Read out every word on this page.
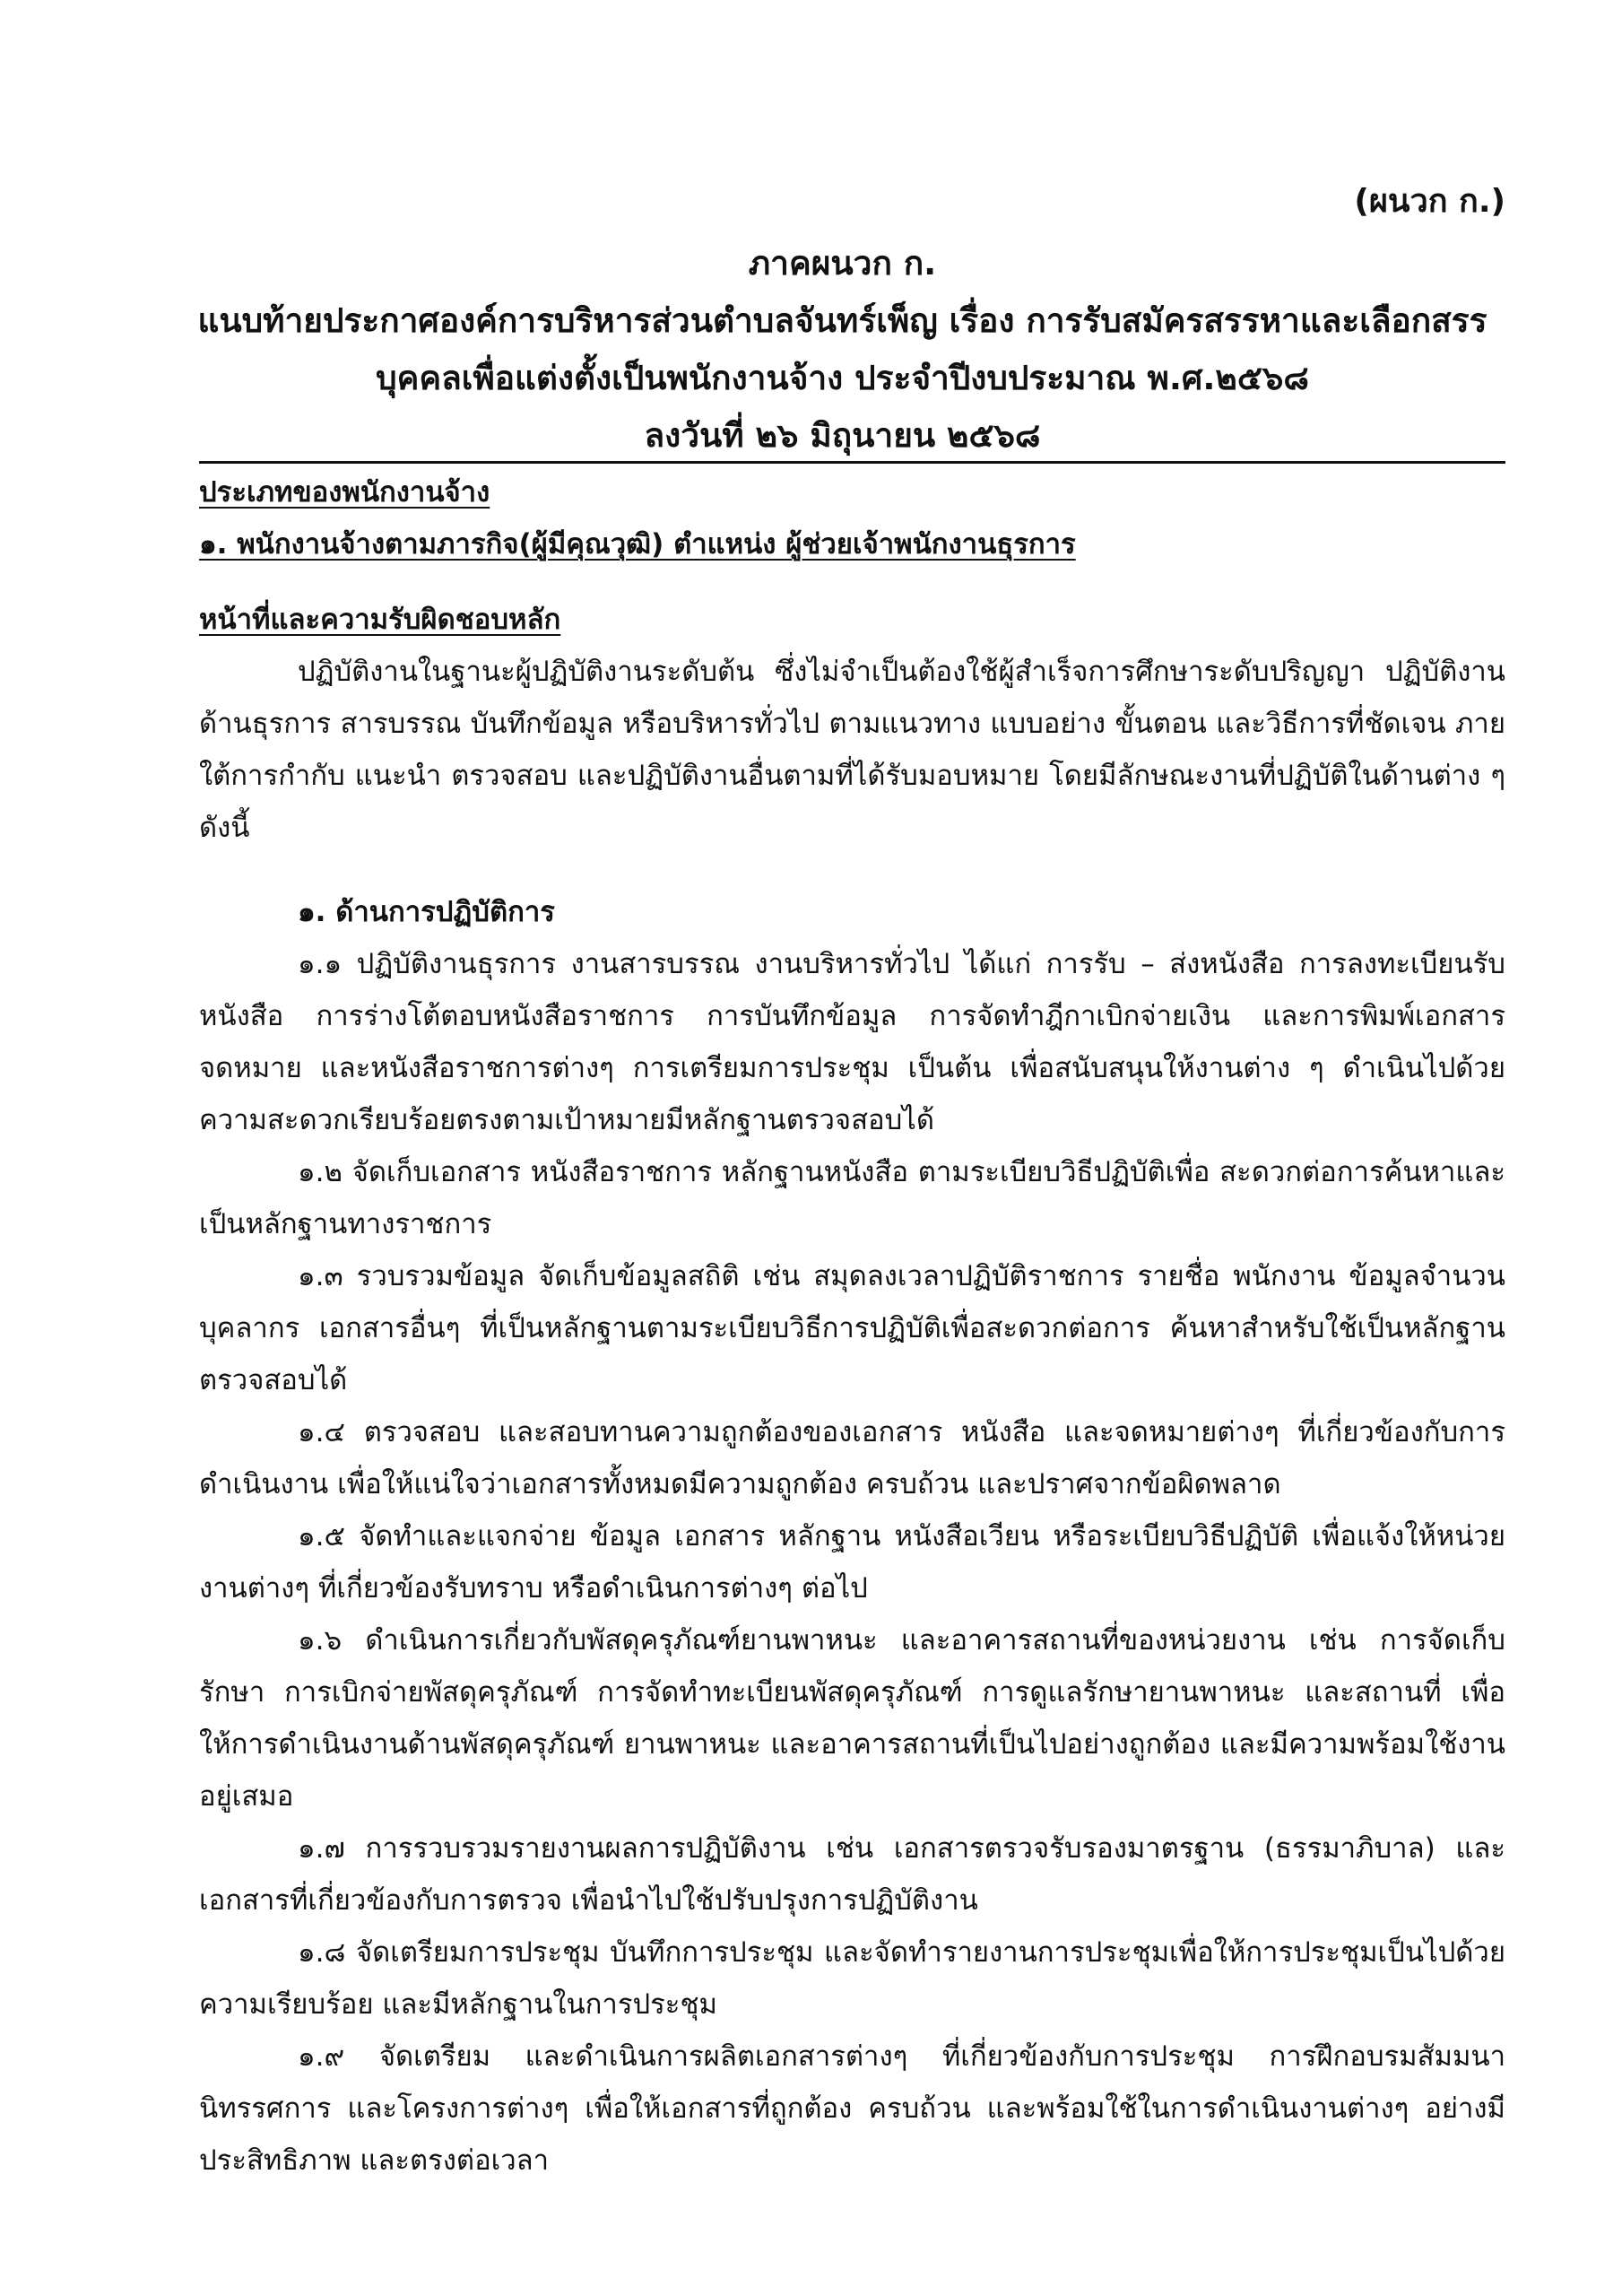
(ผนวก ก.)
ภาคผนวก ก.
แนบท้ายประกาศองค์การบริหารส่วนตำบลจันทร์เพ็ญ เรื่อง การรับสมัครสรรหาและเลือกสรร
บุคคลเพื่อแต่งตั้งเป็นพนักงานจ้าง ประจำปีงบประมาณ พ.ศ.๒๕๖๘
ลงวันที่ ๒๖ มิถุนายน ๒๕๖๘
ประเภทของพนักงานจ้าง
๑. พนักงานจ้างตามภารกิจ(ผู้มีคุณวุฒิ) ตำแหน่ง ผู้ช่วยเจ้าพนักงานธุรการ
หน้าที่และความรับผิดชอบหลัก

ปฏิบัติงานในฐานะผู้ปฏิบัติงานระดับต้น ซึ่งไม่จำเป็นต้องใช้ผู้สำเร็จการศึกษาระดับปริญญา ปฏิบัติงานด้านธุรการ สารบรรณ บันทึกข้อมูล หรือบริหารทั่วไป ตามแนวทาง แบบอย่าง ขั้นตอน และวิธีการที่ชัดเจน ภายใต้การกำกับ แนะนำ ตรวจสอบ และปฏิบัติงานอื่นตามที่ได้รับมอบหมาย โดยมีลักษณะงานที่ปฏิบัติในด้านต่าง ๆ ดังนี้

๑. ด้านการปฏิบัติการ

๑.๑ ปฏิบัติงานธุรการ งานสารบรรณ งานบริหารทั่วไป ได้แก่ การรับ – ส่งหนังสือ การลงทะเบียนรับหนังสือ การร่างโต้ตอบหนังสือราชการ การบันทึกข้อมูล การจัดทำฎีกาเบิกจ่ายเงิน และการพิมพ์เอกสารจดหมาย และหนังสือราชการต่างๆ การเตรียมการประชุม เป็นต้น เพื่อสนับสนุนให้งานต่าง ๆ ดำเนินไปด้วยความสะดวกเรียบร้อยตรงตามเป้าหมายมีหลักฐานตรวจสอบได้

๑.๒ จัดเก็บเอกสาร หนังสือราชการ หลักฐานหนังสือ ตามระเบียบวิธีปฏิบัติเพื่อ สะดวกต่อการค้นหาและเป็นหลักฐานทางราชการ

๑.๓ รวบรวมข้อมูล จัดเก็บข้อมูลสถิติ เช่น สมุดลงเวลาปฏิบัติราชการ รายชื่อ พนักงาน ข้อมูลจำนวนบุคลากร เอกสารอื่นๆ ที่เป็นหลักฐานตามระเบียบวิธีการปฏิบัติเพื่อสะดวกต่อการ ค้นหาสำหรับใช้เป็นหลักฐานตรวจสอบได้

๑.๔ ตรวจสอบ และสอบทานความถูกต้องของเอกสาร หนังสือ และจดหมายต่างๆ ที่เกี่ยวข้องกับการดำเนินงาน เพื่อให้แน่ใจว่าเอกสารทั้งหมดมีความถูกต้อง ครบถ้วน และปราศจากข้อผิดพลาด

๑.๕ จัดทำและแจกจ่าย ข้อมูล เอกสาร หลักฐาน หนังสือเวียน หรือระเบียบวิธีปฏิบัติ เพื่อแจ้งให้หน่วยงานต่างๆ ที่เกี่ยวข้องรับทราบ หรือดำเนินการต่างๆ ต่อไป

๑.๖ ดำเนินการเกี่ยวกับพัสดุครุภัณฑ์ยานพาหนะ และอาคารสถานที่ของหน่วยงาน เช่น การจัดเก็บรักษา การเบิกจ่ายพัสดุครุภัณฑ์ การจัดทำทะเบียนพัสดุครุภัณฑ์ การดูแลรักษายานพาหนะ และสถานที่ เพื่อให้การดำเนินงานด้านพัสดุครุภัณฑ์ ยานพาหนะ และอาคารสถานที่เป็นไปอย่างถูกต้อง และมีความพร้อมใช้งานอยู่เสมอ

๑.๗ การรวบรวมรายงานผลการปฏิบัติงาน เช่น เอกสารตรวจรับรองมาตรฐาน (ธรรมาภิบาล) และเอกสารที่เกี่ยวข้องกับการตรวจ เพื่อนำไปใช้ปรับปรุงการปฏิบัติงาน

๑.๘ จัดเตรียมการประชุม บันทึกการประชุม และจัดทำรายงานการประชุมเพื่อให้การประชุมเป็นไปด้วยความเรียบร้อย และมีหลักฐานในการประชุม

๑.๙ จัดเตรียม และดำเนินการผลิตเอกสารต่างๆ ที่เกี่ยวข้องกับการประชุม การฝึกอบรมสัมมนานิทรรศการ และโครงการต่างๆ เพื่อให้เอกสารที่ถูกต้อง ครบถ้วน และพร้อมใช้ในการดำเนินงานต่างๆ อย่างมีประสิทธิภาพ และตรงต่อเวลา
